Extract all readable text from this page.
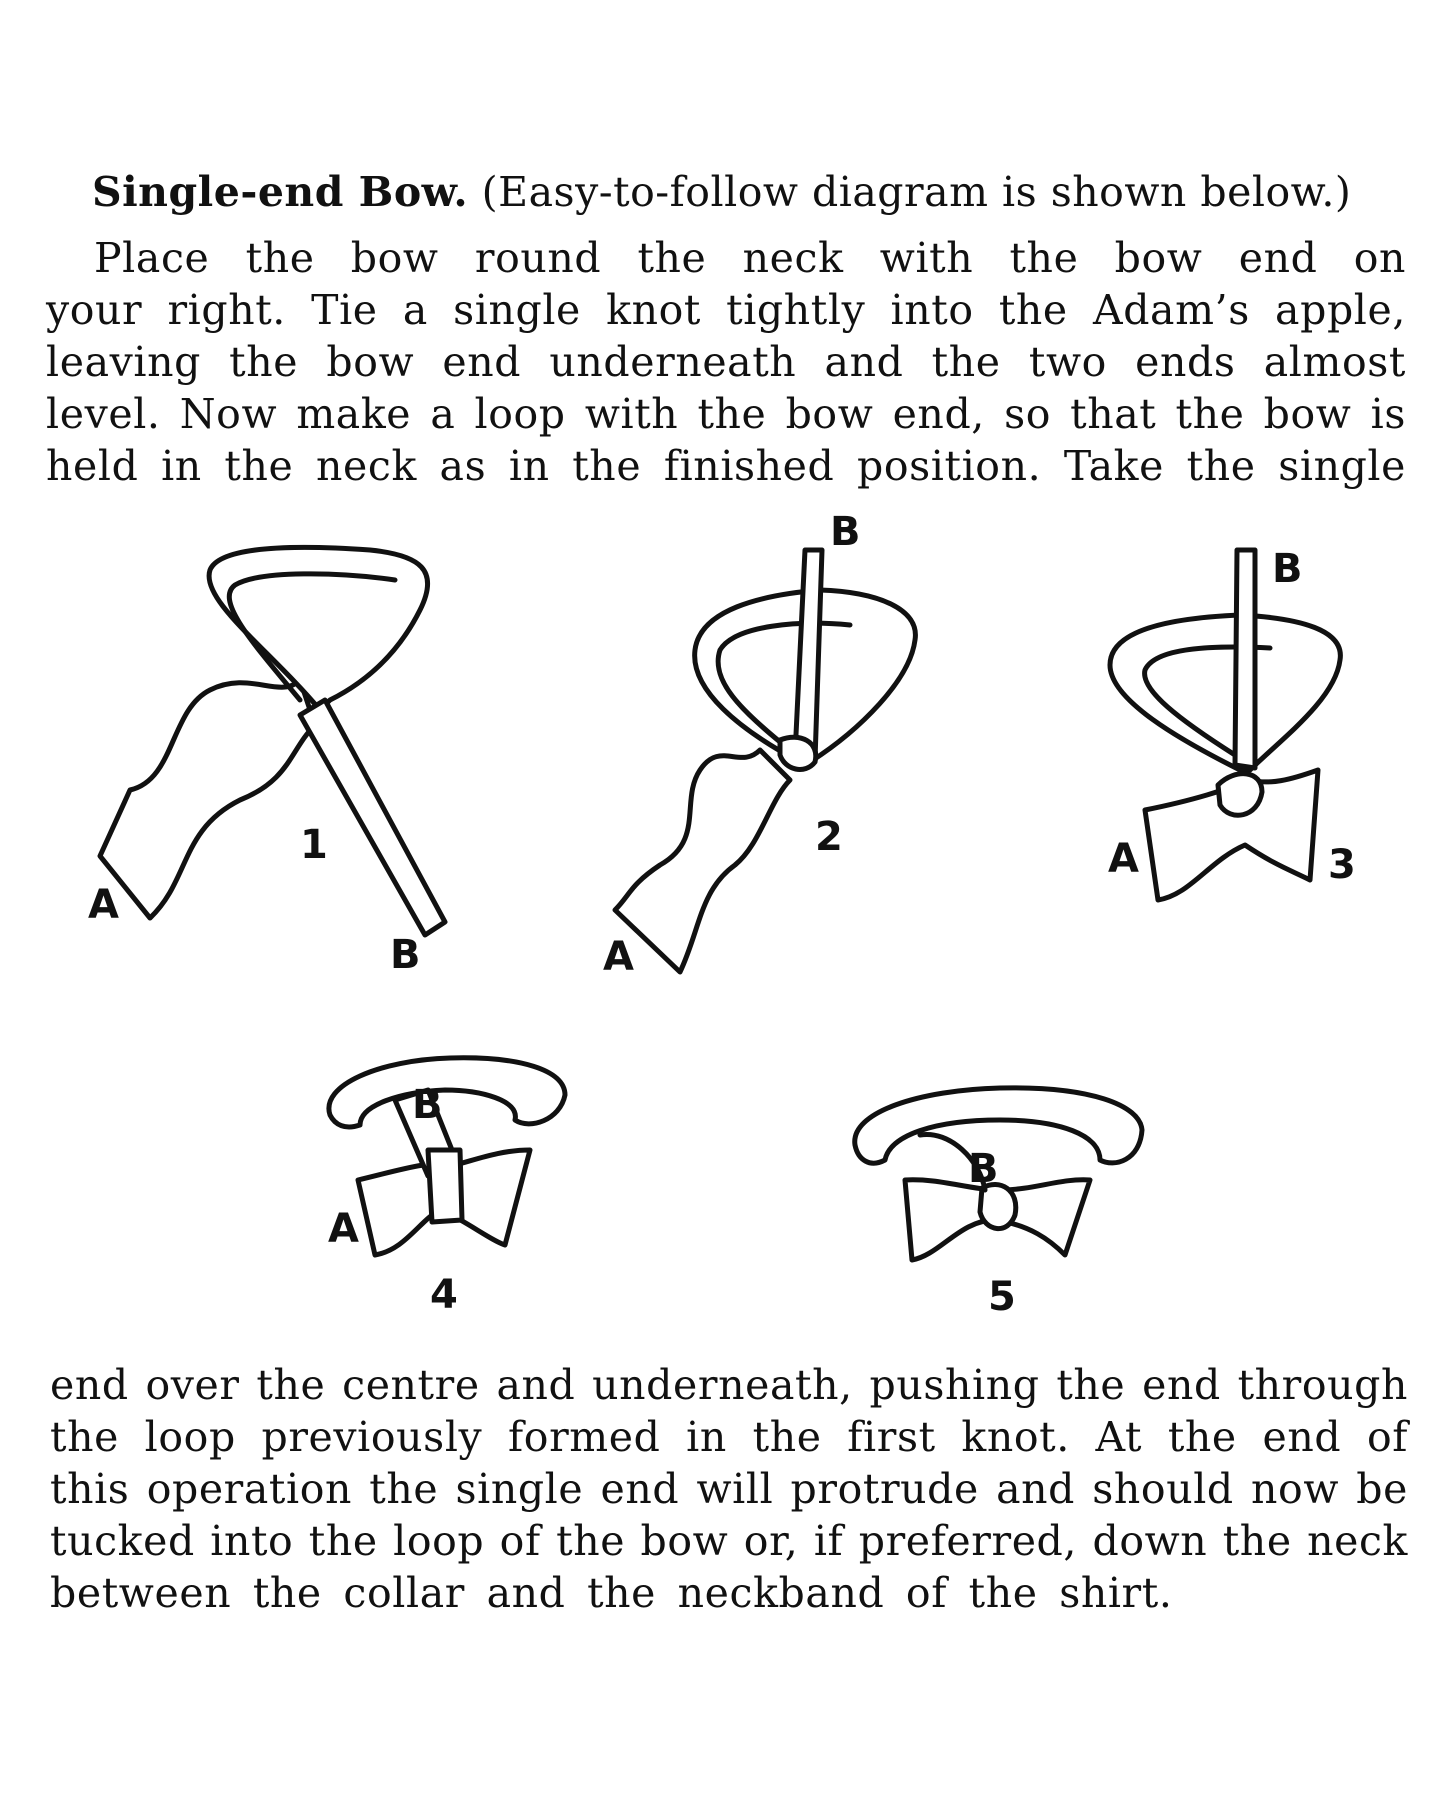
Single-end Bow. (Easy-to-follow diagram is shown below.)
Place the bow round the neck with the bow end on
your right. Tie a single knot tightly into the Adam’s apple,
leaving the bow end underneath and the two ends almost
level. Now make a loop with the bow end, so that the bow is
held in the neck as in the finished position. Take the single
A
B
1
B
A
2
B
A	3
B
A
4
B
5
end over the centre and underneath, pushing the end through
the loop previously formed in the first knot. At the end of
this operation the single end will protrude and should now be
tucked into the loop of the bow or, if preferred, down the neck
between the collar and the neckband of the shirt.
